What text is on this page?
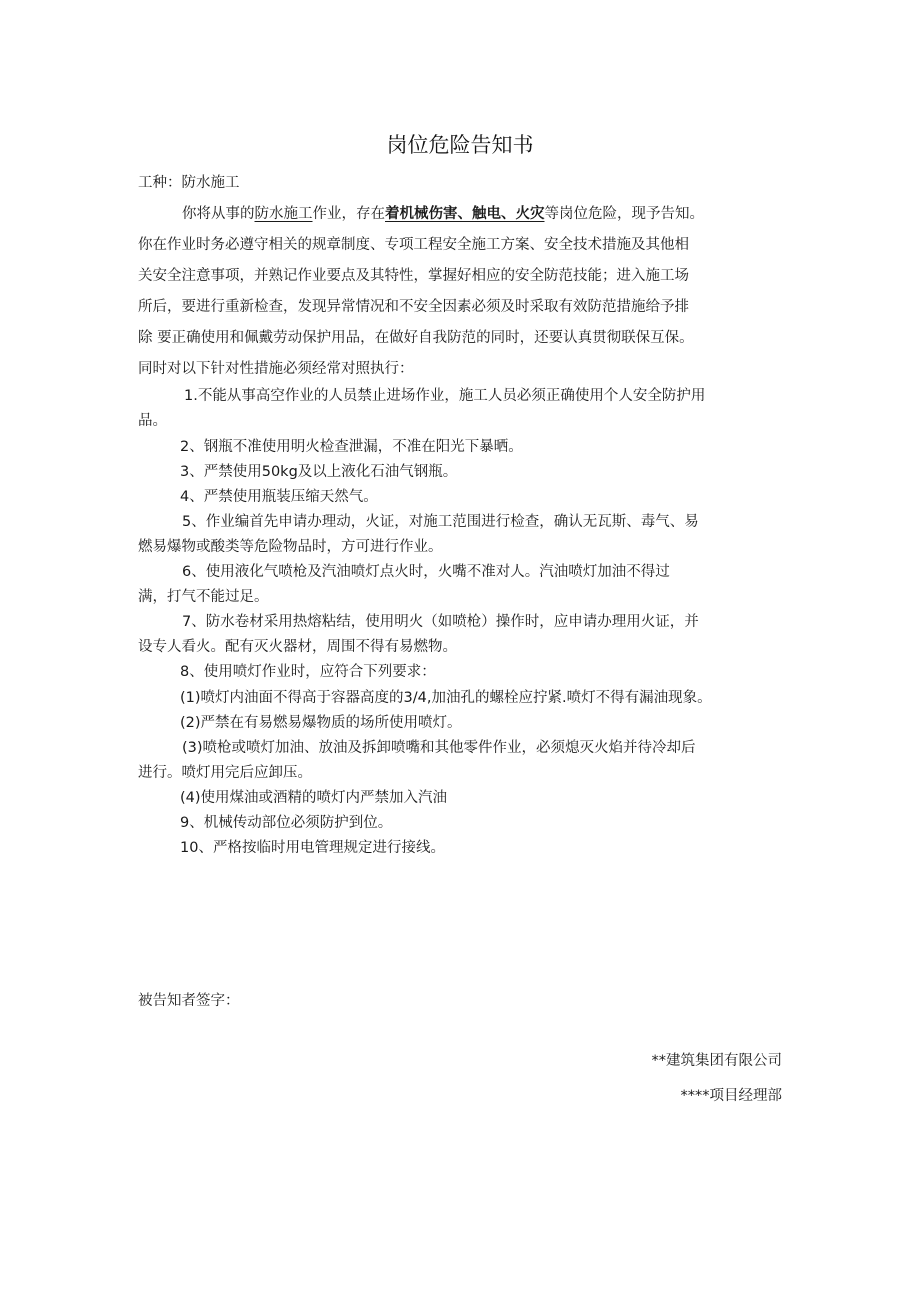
岗位危险告知书
工种：防水施工
你将从事的防水施工作业，存在着机械伤害、触电、火灾等岗位危险，现予告知。
你在作业时务必遵守相关的规章制度、专项工程安全施工方案、安全技术措施及其他相
关安全注意事项，并熟记作业要点及其特性，掌握好相应的安全防范技能；进入施工场
所后，要进行重新检查，发现异常情况和不安全因素必须及时采取有效防范措施给予排
除 要正确使用和佩戴劳动保护用品，在做好自我防范的同时，还要认真贯彻联保互保。
同时对以下针对性措施必须经常对照执行：
1.不能从事高空作业的人员禁止进场作业，施工人员必须正确使用个人安全防护用
品。
2、钢瓶不准使用明火检查泄漏，不准在阳光下暴晒。
3、严禁使用50kg及以上液化石油气钢瓶。
4、严禁使用瓶装压缩天然气。
5、作业编首先申请办理动，火证，对施工范围进行检查，确认无瓦斯、毒气、易
燃易爆物或酸类等危险物品时，方可进行作业。
6、使用液化气喷枪及汽油喷灯点火时，火嘴不准对人。汽油喷灯加油不得过
满，打气不能过足。
7、防水卷材采用热熔粘结，使用明火（如喷枪）操作时，应申请办理用火证，并
设专人看火。配有灭火器材，周围不得有易燃物。
8、使用喷灯作业时，应符合下列要求：
(1)喷灯内油面不得高于容器高度的3/4,加油孔的螺栓应拧紧.喷灯不得有漏油现象。
(2)严禁在有易燃易爆物质的场所使用喷灯。
(3)喷枪或喷灯加油、放油及拆卸喷嘴和其他零件作业，必须熄灭火焰并待冷却后
进行。喷灯用完后应卸压。
(4)使用煤油或酒精的喷灯内严禁加入汽油
9、机械传动部位必须防护到位。
10、严格按临时用电管理规定进行接线。
被告知者签字：
**建筑集团有限公司
****项目经理部
